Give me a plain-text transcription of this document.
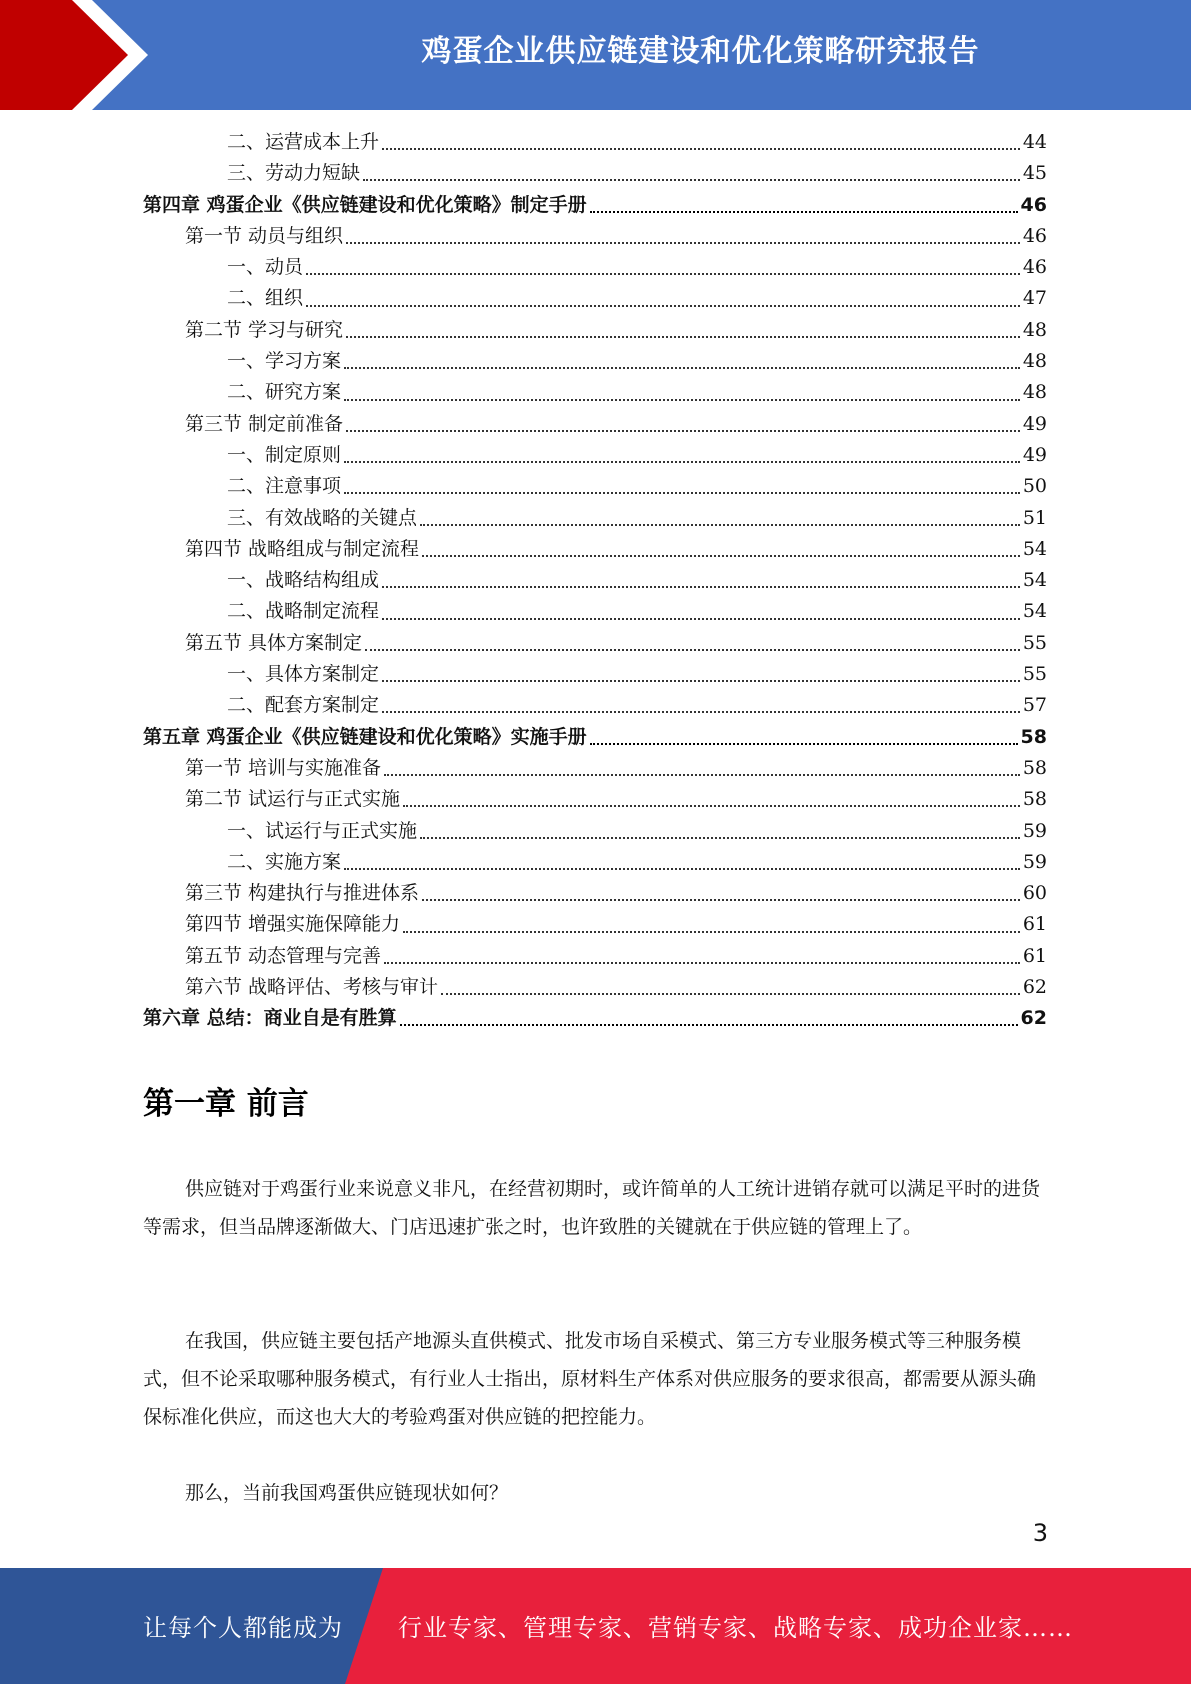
鸡蛋企业供应链建设和优化策略研究报告
二、运营成本上升	44
三、劳动力短缺	45
第四章 鸡蛋企业《供应链建设和优化策略》制定手册	46
第一节 动员与组织	46
一、动员	46
二、组织	47
第二节 学习与研究	48
一、学习方案	48
二、研究方案	48
第三节 制定前准备	49
一、制定原则	49
二、注意事项	50
三、有效战略的关键点	51
第四节 战略组成与制定流程	54
一、战略结构组成	54
二、战略制定流程	54
第五节 具体方案制定	55
一、具体方案制定	55
二、配套方案制定	57
第五章 鸡蛋企业《供应链建设和优化策略》实施手册	58
第一节 培训与实施准备	58
第二节 试运行与正式实施	58
一、试运行与正式实施	59
二、实施方案	59
第三节 构建执行与推进体系	60
第四节 增强实施保障能力	61
第五节 动态管理与完善	61
第六节 战略评估、考核与审计	62
第六章 总结：商业自是有胜算	62
第一章 前言
供应链对于鸡蛋行业来说意义非凡，在经营初期时，或许简单的人工统计进销存就可以满足平时的进货等需求，但当品牌逐渐做大、门店迅速扩张之时，也许致胜的关键就在于供应链的管理上了。
在我国，供应链主要包括产地源头直供模式、批发市场自采模式、第三方专业服务模式等三种服务模式，但不论采取哪种服务模式，有行业人士指出，原材料生产体系对供应服务的要求很高，都需要从源头确保标准化供应，而这也大大的考验鸡蛋对供应链的把控能力。
那么，当前我国鸡蛋供应链现状如何？
3
让每个人都能成为 行业专家、管理专家、营销专家、战略专家、成功企业家……
